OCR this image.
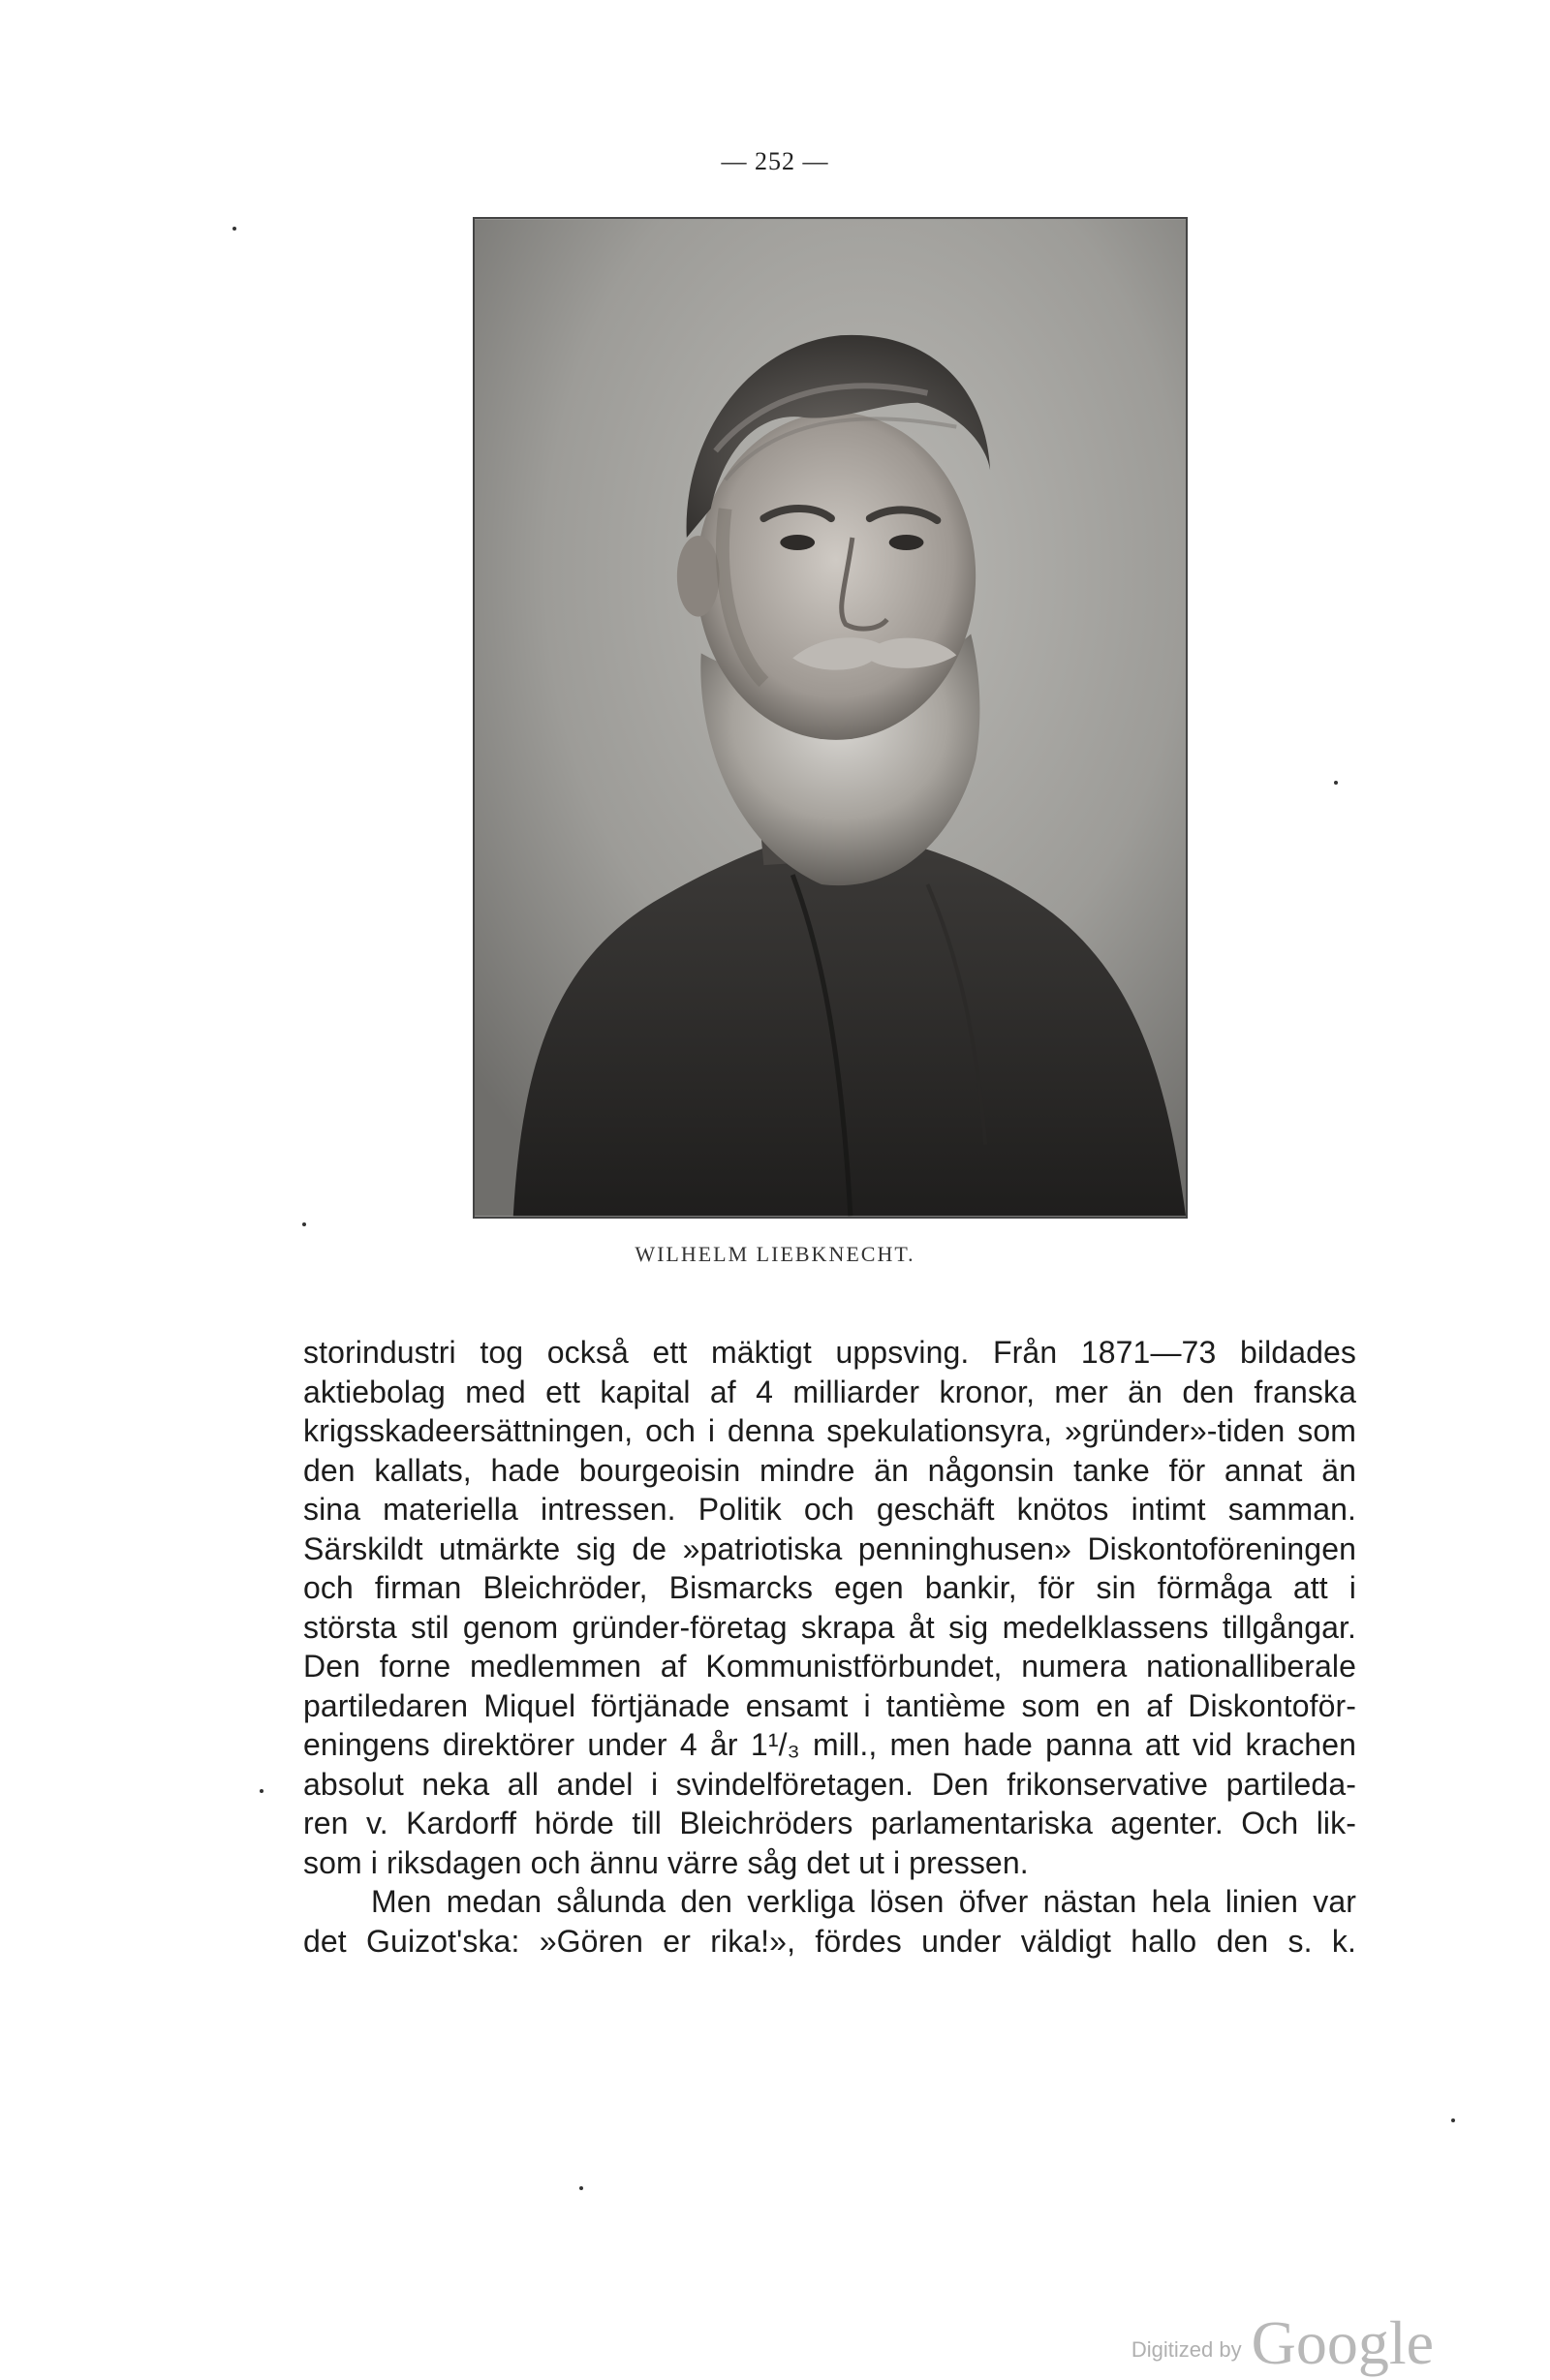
— 252 —
WILHELM LIEBKNECHT.
storindustri tog också ett mäktigt uppsving. Från 1871—73 bildades
aktiebolag med ett kapital af 4 milliarder kronor, mer än den franska
krigsskadeersättningen, och i denna spekulationsyra, »gründer»-tiden som
den kallats, hade bourgeoisin mindre än någonsin tanke för annat än
sina materiella intressen. Politik och geschäft knötos intimt samman.
Särskildt utmärkte sig de »patriotiska penninghusen» Diskontoföreningen
och firman Bleichröder, Bismarcks egen bankir, för sin förmåga att i
största stil genom gründer-företag skrapa åt sig medelklassens tillgångar.
Den forne medlemmen af Kommunistförbundet, numera nationalliberale
partiledaren Miquel förtjänade ensamt i tantième som en af Diskontoför-
eningens direktörer under 4 år 1¹/₃ mill., men hade panna att vid krachen
absolut neka all andel i svindelföretagen. Den frikonservative partileda-
ren v. Kardorff hörde till Bleichröders parlamentariska agenter. Och lik-
som i riksdagen och ännu värre såg det ut i pressen.
Men medan sålunda den verkliga lösen öfver nästan hela linien var
det Guizot'ska: »Gören er rika!», fördes under väldigt hallo den s. k.
Digitized by Google
